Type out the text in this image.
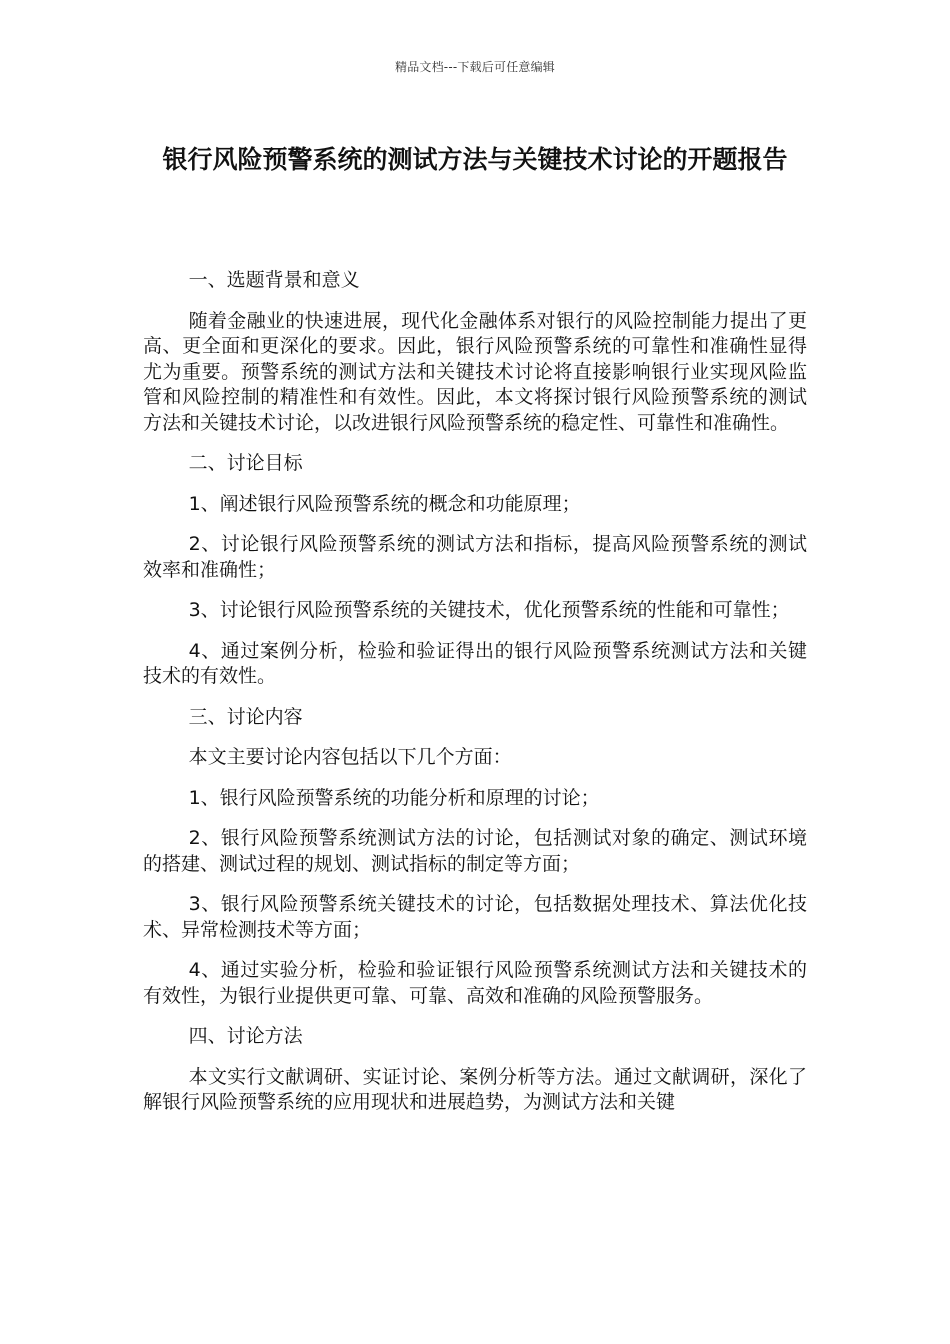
精品文档---下载后可任意编辑
银行风险预警系统的测试方法与关键技术讨论的开题报告

一、选题背景和意义

随着金融业的快速进展，现代化金融体系对银行的风险控制能力提出了更高、更全面和更深化的要求。因此，银行风险预警系统的可靠性和准确性显得尤为重要。预警系统的测试方法和关键技术讨论将直接影响银行业实现风险监管和风险控制的精准性和有效性。因此，本文将探讨银行风险预警系统的测试方法和关键技术讨论，以改进银行风险预警系统的稳定性、可靠性和准确性。

二、讨论目标

1、阐述银行风险预警系统的概念和功能原理；

2、讨论银行风险预警系统的测试方法和指标，提高风险预警系统的测试效率和准确性；

3、讨论银行风险预警系统的关键技术，优化预警系统的性能和可靠性；

4、通过案例分析，检验和验证得出的银行风险预警系统测试方法和关键技术的有效性。

三、讨论内容

本文主要讨论内容包括以下几个方面：

1、银行风险预警系统的功能分析和原理的讨论；

2、银行风险预警系统测试方法的讨论，包括测试对象的确定、测试环境的搭建、测试过程的规划、测试指标的制定等方面；

3、银行风险预警系统关键技术的讨论，包括数据处理技术、算法优化技术、异常检测技术等方面；

4、通过实验分析，检验和验证银行风险预警系统测试方法和关键技术的有效性，为银行业提供更可靠、可靠、高效和准确的风险预警服务。

四、讨论方法

本文实行文献调研、实证讨论、案例分析等方法。通过文献调研，深化了解银行风险预警系统的应用现状和进展趋势，为测试方法和关键
